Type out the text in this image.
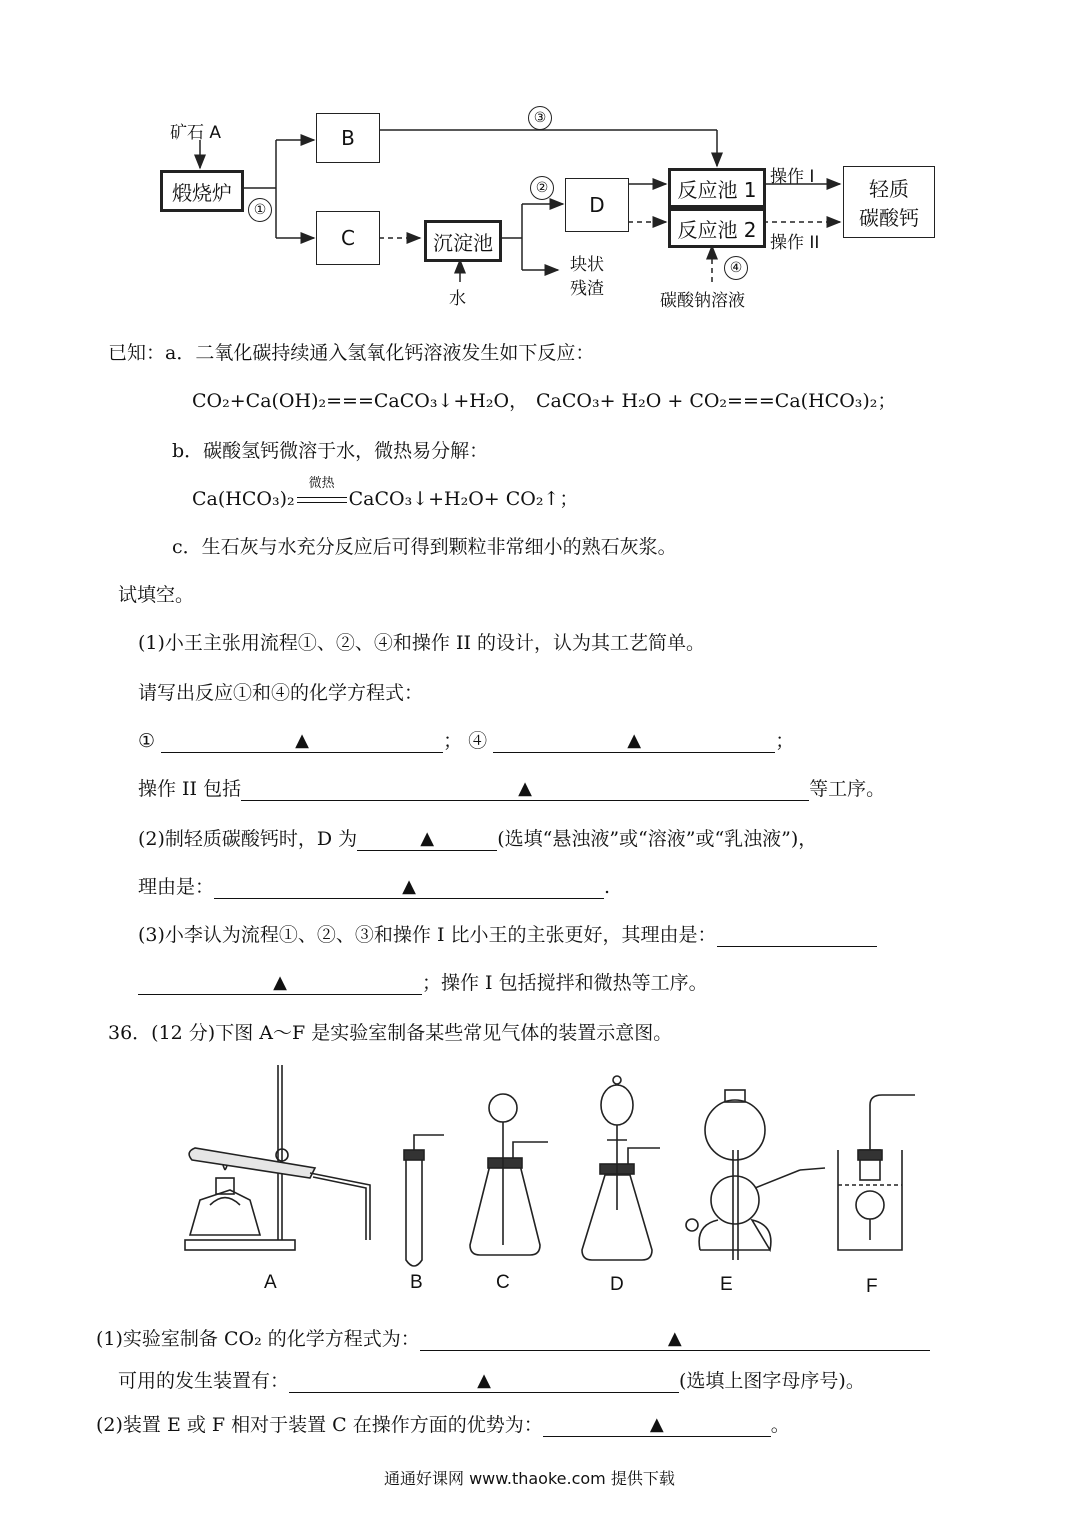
矿石 A
煅烧炉
①
B
C
③
沉淀池
水
②
D
块状
残渣
反应池 1
反应池 2
④
碳酸钠溶液
操作 I
操作 II
轻质
碳酸钙
已知：a．二氧化碳持续通入氢氧化钙溶液发生如下反应：
CO₂+Ca(OH)₂===CaCO₃↓+H₂O， CaCO₃+ H₂O + CO₂===Ca(HCO₃)₂；
b．碳酸氢钙微溶于水，微热易分解：
Ca(HCO₃)₂
微热
CaCO₃↓+H₂O+ CO₂↑；
c．生石灰与水充分反应后可得到颗粒非常细小的熟石灰浆。
试填空。
(1)小王主张用流程①、②、④和操作 II 的设计，认为其工艺简单。
请写出反应①和④的化学方程式：
①	▲	； ④	▲	；
操作 II 包括	▲	等工序。
(2)制轻质碳酸钙时，D 为	▲	(选填“悬浊液”或“溶液”或“乳浊液”)，
理由是：	▲	.
(3)小李认为流程①、②、③和操作 I 比小王的主张更好，其理由是：
▲	；操作 I 包括搅拌和微热等工序。
36．(12 分)下图 A～F 是实验室制备某些常见气体的装置示意图。
A	B	C	D	E	F
(1)实验室制备 CO₂ 的化学方程式为：	▲
可用的发生装置有：	▲	(选填上图字母序号)。
(2)装置 E 或 F 相对于装置 C 在操作方面的优势为：	▲	。
通通好课网 www.thaoke.com 提供下载
